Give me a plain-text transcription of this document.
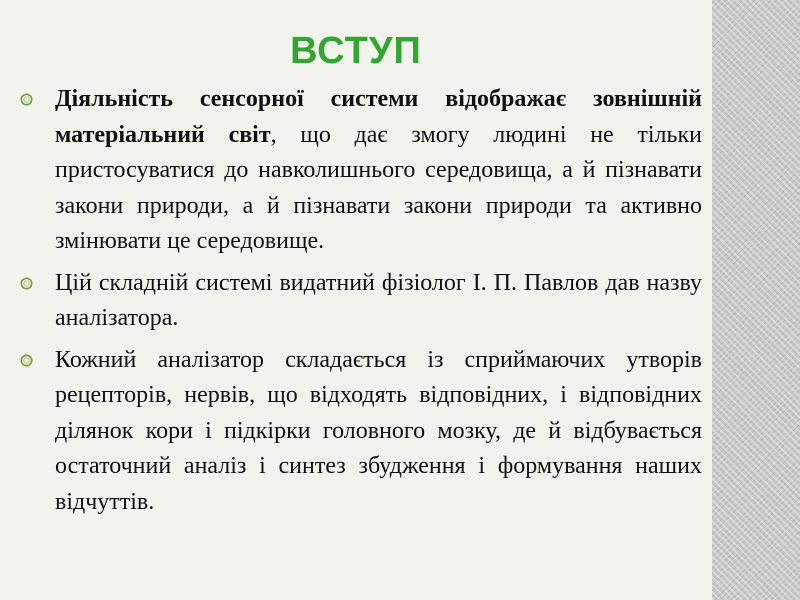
ВСТУП
Діяльність сенсорної системи відображає зовнішній матеріальний світ, що дає змогу людині не тільки пристосуватися до навколишнього середовища, а й пізнавати закони природи, а й пізнавати закони природи та активно змінювати це середовище.
Цій складній системі видатний фізіолог І. П. Павлов дав назву аналізатора.
Кожний аналізатор складається із сприймаючих утворів рецепторів, нервів, що відходять відповідних, і відповідних ділянок кори і підкірки головного мозку, де й відбувається остаточний аналіз і синтез збудження і формування наших відчуттів.
